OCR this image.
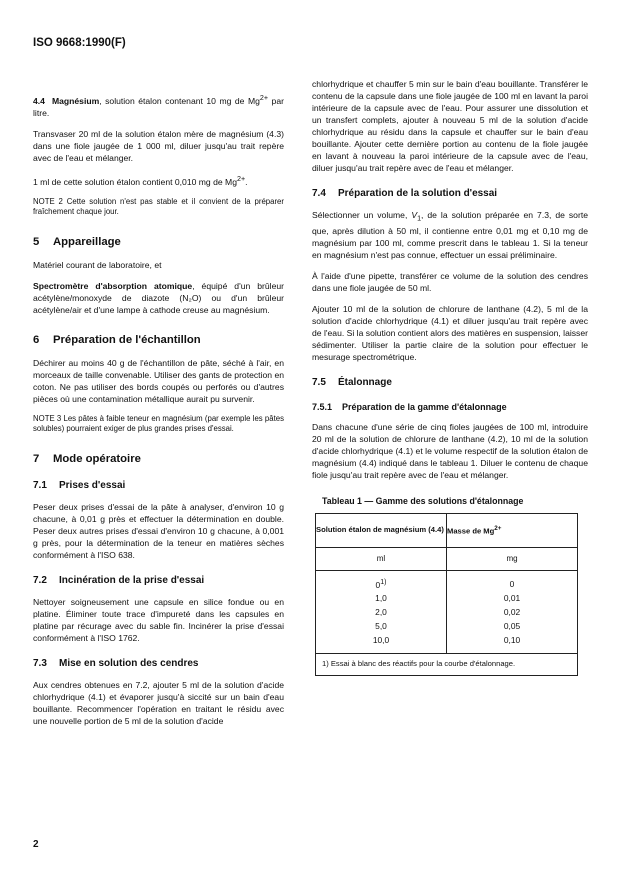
ISO 9668:1990(F)

4.4 Magnésium, solution étalon contenant 10 mg de $Mg^{2+}$ par litre.

Transvaser 20 ml de la solution étalon mère de magnésium (4.3) dans une fiole jaugée de 1 000 ml, diluer jusqu'au trait repère avec de l'eau et mélanger.

1 ml de cette solution étalon contient 0,010 mg de $Mg^{2+}$.

NOTE 2 Cette solution n'est pas stable et il convient de la préparer fraîchement chaque jour.

5 Appareillage

Matériel courant de laboratoire, et

Spectromètre d'absorption atomique, équipé d'un brûleur acétylène/monoxyde de diazote (N₂O) ou d'un brûleur acétylène/air et d'une lampe à cathode creuse au magnésium.

6 Préparation de l'échantillon

Déchirer au moins 40 g de l'échantillon de pâte, séché à l'air, en morceaux de taille convenable. Utiliser des gants de protection en coton. Ne pas utiliser des bords coupés ou perforés ou d'autres pièces où une contamination métallique aurait pu survenir.

NOTE 3 Les pâtes à faible teneur en magnésium (par exemple les pâtes solubles) pourraient exiger de plus grandes prises d'essai.

7 Mode opératoire
7.1 Prises d'essai

Peser deux prises d'essai de la pâte à analyser, d'environ 10 g chacune, à 0,01 g près et effectuer la détermination en double. Peser deux autres prises d'essai d'environ 10 g chacune, à 0,001 g près, pour la détermination de la teneur en matières sèches conformément à l'ISO 638.

7.2 Incinération de la prise d'essai

Nettoyer soigneusement une capsule en silice fondue ou en platine. Éliminer toute trace d'impureté dans les capsules en platine par récurage avec du sable fin. Incinérer la prise d'essai conformément à l'ISO 1762.

7.3 Mise en solution des cendres

Aux cendres obtenues en 7.2, ajouter 5 ml de la solution d'acide chlorhydrique (4.1) et évaporer jusqu'à siccité sur un bain d'eau bouillante. Recommencer l'opération en traitant le résidu avec une nouvelle portion de 5 ml de la solution d'acide

chlorhydrique et chauffer 5 min sur le bain d'eau bouillante. Transférer le contenu de la capsule dans une fiole jaugée de 100 ml en lavant la paroi intérieure de la capsule avec de l'eau. Pour assurer une dissolution et un transfert complets, ajouter à nouveau 5 ml de la solution d'acide chlorhydrique au résidu dans la capsule et chauffer sur le bain d'eau bouillante. Ajouter cette dernière portion au contenu de la fiole jaugée en lavant à nouveau la paroi intérieure de la capsule avec de l'eau, diluer jusqu'au trait repère avec de l'eau et mélanger.

7.4 Préparation de la solution d'essai

Sélectionner un volume, $V_1$, de la solution préparée en 7.3, de sorte que, après dilution à 50 ml, il contienne entre 0,01 mg et 0,10 mg de magnésium par 100 ml, comme prescrit dans le tableau 1. Si la teneur en magnésium n'est pas connue, effectuer un essai préliminaire.

À l'aide d'une pipette, transférer ce volume de la solution des cendres dans une fiole jaugée de 50 ml.

Ajouter 10 ml de la solution de chlorure de lanthane (4.2), 5 ml de la solution d'acide chlorhydrique (4.1) et diluer jusqu'au trait repère avec de l'eau. Si la solution contient alors des matières en suspension, laisser sédimenter. Utiliser la partie claire de la solution pour effectuer le mesurage spectrométrique.

7.5 Étalonnage
7.5.1 Préparation de la gamme d'étalonnage

Dans chacune d'une série de cinq fioles jaugées de 100 ml, introduire 20 ml de la solution de chlorure de lanthane (4.2), 10 ml de la solution d'acide chlorhydrique (4.1) et le volume respectif de la solution étalon de magnésium (4.4) indiqué dans le tableau 1. Diluer le contenu de chaque fiole jusqu'au trait repère avec de l'eau et mélanger.

Tableau 1 — Gamme des solutions d'étalonnage
Solution étalon de magnésium (4.4)	Masse de $Mg^{2+}$
ml	mg
0$^{1)}$	0
1,0	0,01
2,0	0,02
5,0	0,05
10,0	0,10
1) Essai à blanc des réactifs pour la courbe d'étalonnage.	
2
